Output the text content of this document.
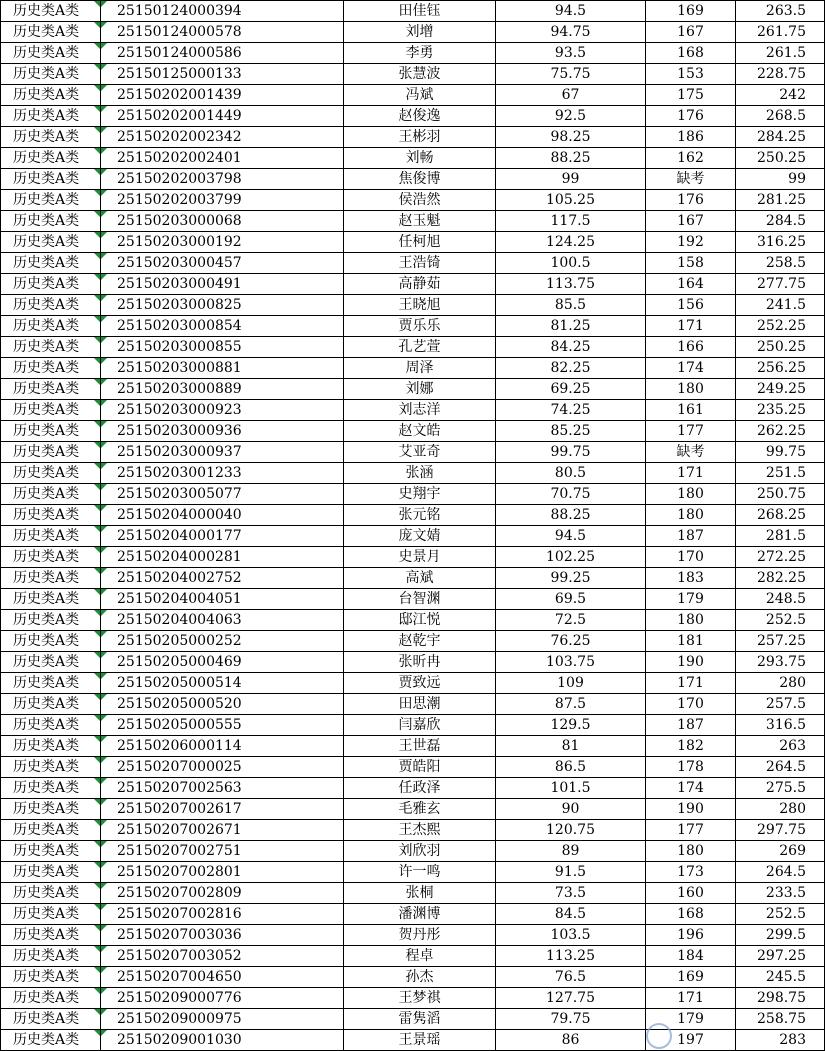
历史类A类	25150124000394	田佳钰	94.5	169	263.5
历史类A类	25150124000578	刘增	94.75	167	261.75
历史类A类	25150124000586	李勇	93.5	168	261.5
历史类A类	25150125000133	张慧波	75.75	153	228.75
历史类A类	25150202001439	冯斌	67	175	242
历史类A类	25150202001449	赵俊逸	92.5	176	268.5
历史类A类	25150202002342	王彬羽	98.25	186	284.25
历史类A类	25150202002401	刘畅	88.25	162	250.25
历史类A类	25150202003798	焦俊博	99	缺考	99
历史类A类	25150202003799	侯浩然	105.25	176	281.25
历史类A类	25150203000068	赵玉魁	117.5	167	284.5
历史类A类	25150203000192	任柯旭	124.25	192	316.25
历史类A类	25150203000457	王浩锜	100.5	158	258.5
历史类A类	25150203000491	高静茹	113.75	164	277.75
历史类A类	25150203000825	王晓旭	85.5	156	241.5
历史类A类	25150203000854	贾乐乐	81.25	171	252.25
历史类A类	25150203000855	孔艺萱	84.25	166	250.25
历史类A类	25150203000881	周泽	82.25	174	256.25
历史类A类	25150203000889	刘娜	69.25	180	249.25
历史类A类	25150203000923	刘志洋	74.25	161	235.25
历史类A类	25150203000936	赵文皓	85.25	177	262.25
历史类A类	25150203000937	艾亚奇	99.75	缺考	99.75
历史类A类	25150203001233	张涵	80.5	171	251.5
历史类A类	25150203005077	史翔宇	70.75	180	250.75
历史类A类	25150204000040	张元铭	88.25	180	268.25
历史类A类	25150204000177	庞文婧	94.5	187	281.5
历史类A类	25150204000281	史景月	102.25	170	272.25
历史类A类	25150204002752	高斌	99.25	183	282.25
历史类A类	25150204004051	台智渊	69.5	179	248.5
历史类A类	25150204004063	邸江悦	72.5	180	252.5
历史类A类	25150205000252	赵乾宇	76.25	181	257.25
历史类A类	25150205000469	张昕冉	103.75	190	293.75
历史类A类	25150205000514	贾致远	109	171	280
历史类A类	25150205000520	田思潮	87.5	170	257.5
历史类A类	25150205000555	闫嘉欣	129.5	187	316.5
历史类A类	25150206000114	王世磊	81	182	263
历史类A类	25150207000025	贾皓阳	86.5	178	264.5
历史类A类	25150207002563	任政泽	101.5	174	275.5
历史类A类	25150207002617	毛雅玄	90	190	280
历史类A类	25150207002671	王杰熙	120.75	177	297.75
历史类A类	25150207002751	刘欣羽	89	180	269
历史类A类	25150207002801	许一鸣	91.5	173	264.5
历史类A类	25150207002809	张桐	73.5	160	233.5
历史类A类	25150207002816	潘渊博	84.5	168	252.5
历史类A类	25150207003036	贺丹彤	103.5	196	299.5
历史类A类	25150207003052	程卓	113.25	184	297.25
历史类A类	25150207004650	孙杰	76.5	169	245.5
历史类A类	25150209000776	王梦祺	127.75	171	298.75
历史类A类	25150209000975	雷隽滔	79.75	179	258.75
历史类A类	25150209001030	王景瑶	86	197	283
